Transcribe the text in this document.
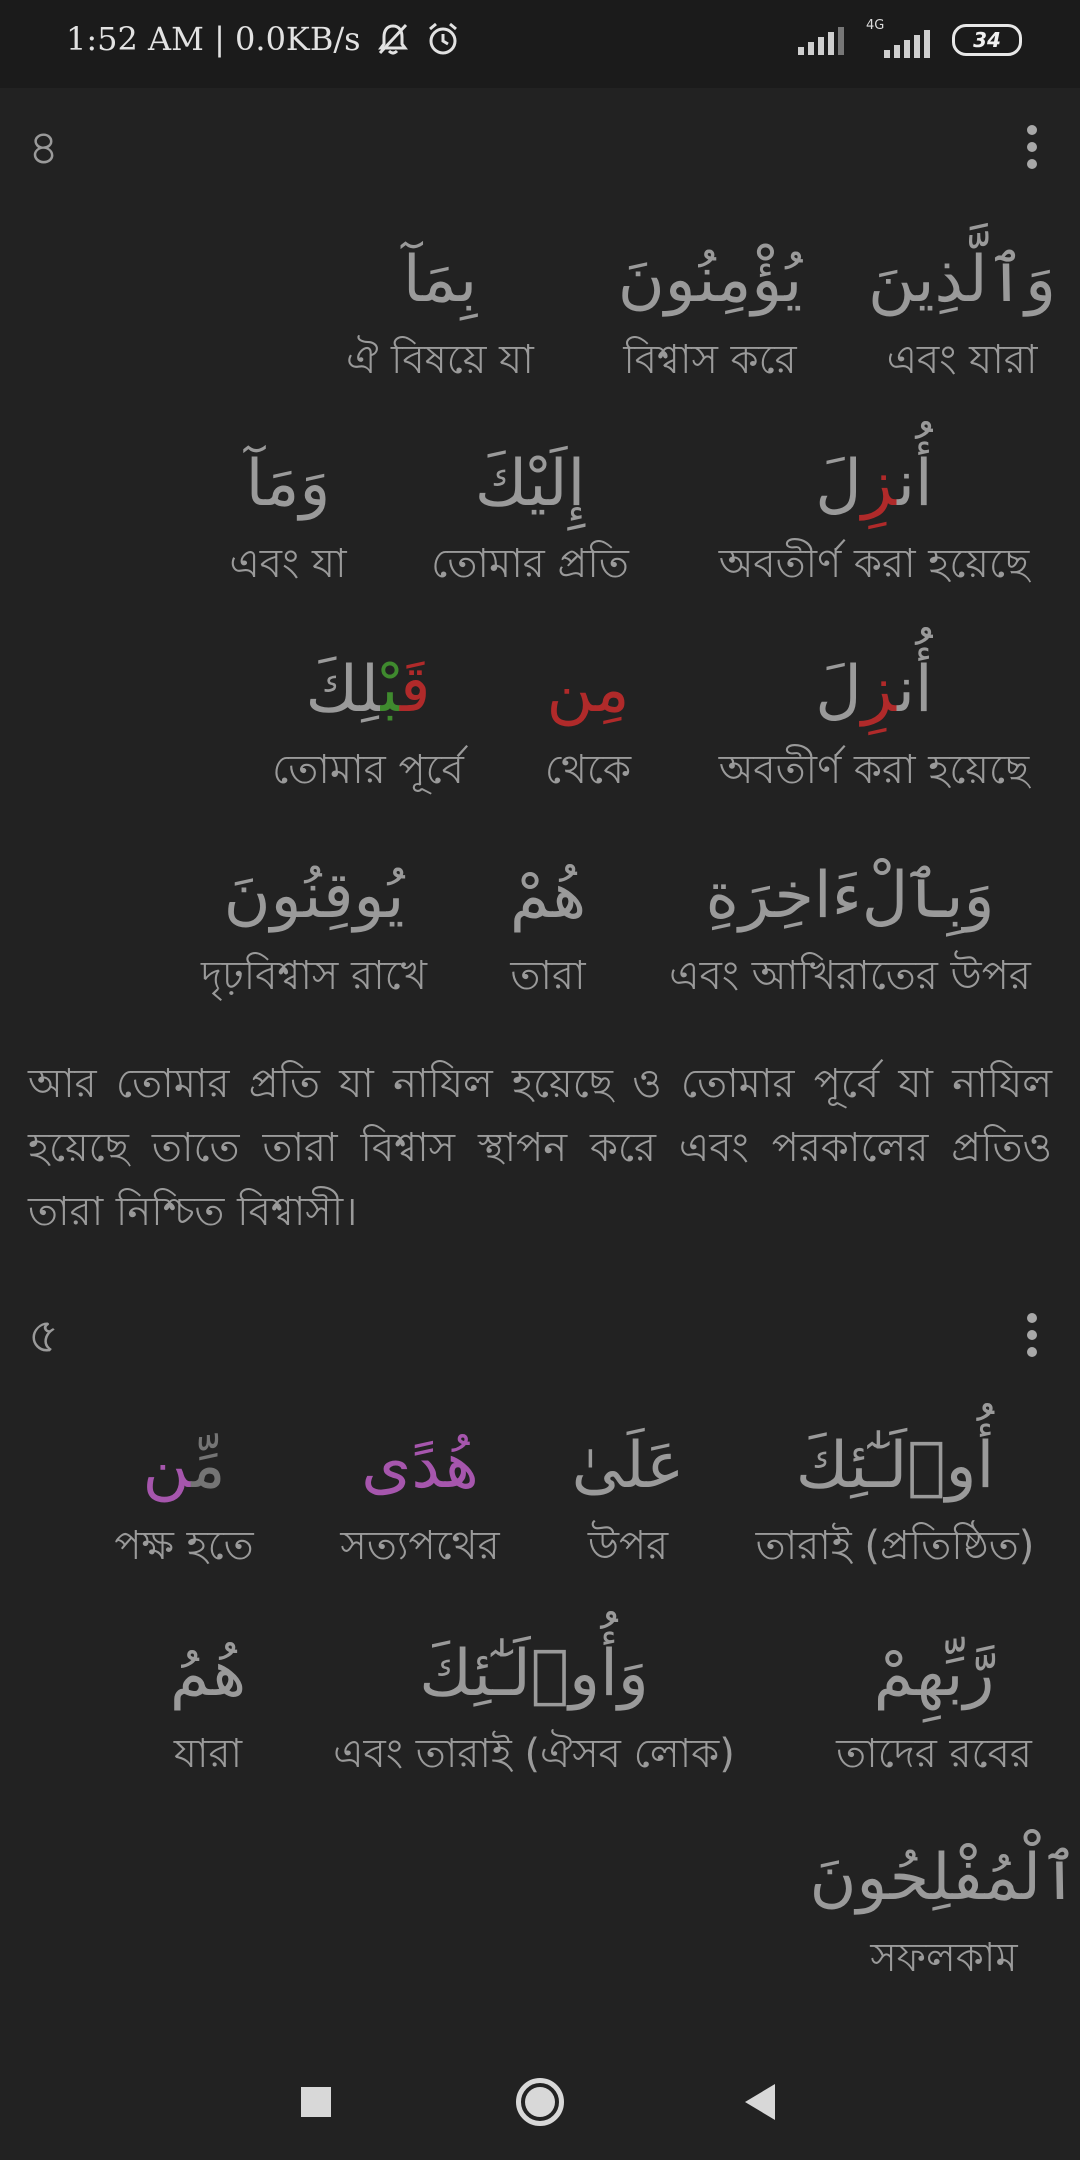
1:52 AM | 0.0KB/s	4G
34
৪
وَٱلَّذِينَ
এবং যারা
يُؤْمِنُونَ
বিশ্বাস করে
بِمَآ
ঐ বিষয়ে যা
أُنزِلَ
অবতীর্ণ করা হয়েছে
إِلَيْكَ
তোমার প্রতি
وَمَآ
এবং যা
أُنزِلَ
অবতীর্ণ করা হয়েছে
مِن
থেকে
قَبْلِكَ
তোমার পূর্বে
وَبِٱلْءَاخِرَةِ
এবং আখিরাতের উপর
هُمْ
তারা
يُوقِنُونَ
দৃঢ়বিশ্বাস রাখে
আর তোমার প্রতি যা নাযিল হয়েছে ও তোমার পূর্বে যা নাযিল হয়েছে তাতে তারা বিশ্বাস স্থাপন করে এবং পরকালের প্রতিও তারা নিশ্চিত বিশ্বাসী।
৫
أُو۟لَـٰٓئِكَ
তারাই (প্রতিষ্ঠিত)
عَلَىٰ
উপর
هُدًى
সত্যপথের
مِّن
পক্ষ হতে
رَّبِّهِمْ
তাদের রবের
وَأُو۟لَـٰٓئِكَ
এবং তারাই (ঐসব লোক)
هُمُ
যারা
ٱلْمُفْلِحُونَ
সফলকাম
